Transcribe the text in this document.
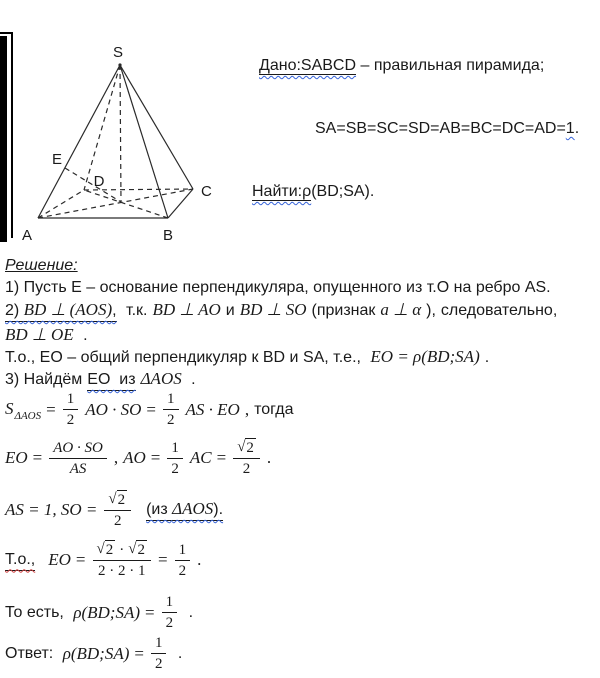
S
E
D
C
A	B

Дано:SABCD – правильная пирамида;

SA=SB=SC=SD=AB=BC=DC=AD=1.

Найти:ρ(BD;SA).

Решение:
1) Пусть Е – основание перпендикуляра, опущенного из т.О на ребро AS.
2) BD ⊥ (AOS), т.к. BD ⊥ AO и BD ⊥ SO (признак a ⊥ α ), следовательно,
BD ⊥ OE .
Т.о., ЕО – общий перпендикуляр к BD и SA, т.е., EO = ρ(BD;SA) .
3) Найдём ЕО  из ΔAOS .
$S_{\Delta AOS} = \frac{1}{2}$ AO · SO = $\frac{1}{2}$ AS · EO , тогда
EO = $\frac{AO \cdot SO}{AS}$ , AO = $\frac{1}{2}$ AC = $\frac{√ 2}{2}$ .
AS = 1, SO = $\frac{√ 2}{2} (из$ ΔAOS).
Т.о., EO = $\frac{√ 2 \cdot √ 2}{2 \cdot 2 \cdot 1} = \frac{1}{2}$ .
То есть, ρ(BD;SA) = $\frac{1}{2}$ .
Ответ: ρ(BD;SA) = $\frac{1}{2}$ .
